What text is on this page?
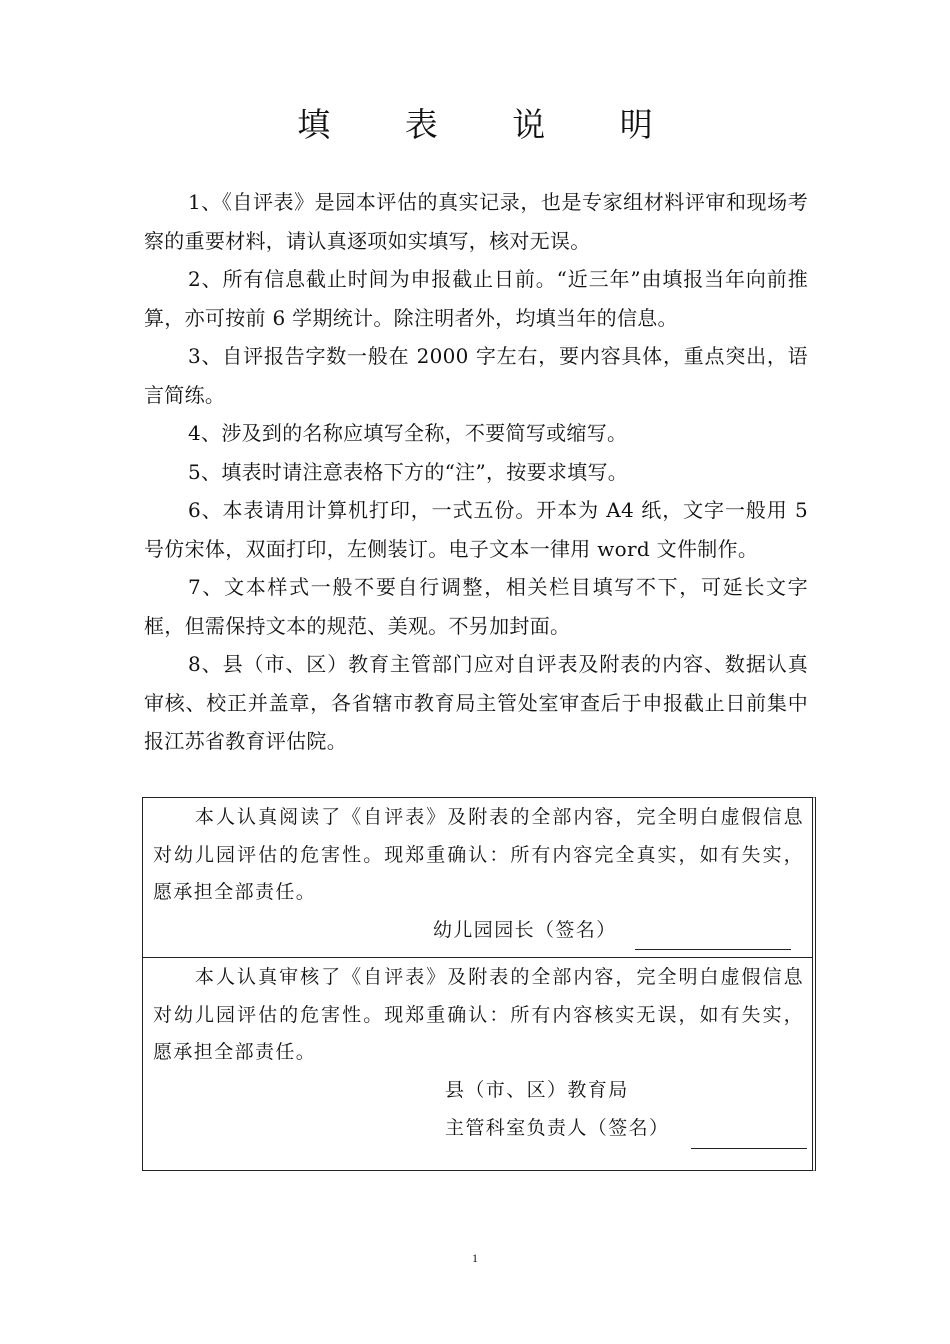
填 表 说 明

1、《自评表》是园本评估的真实记录，也是专家组材料评审和现场考察的重要材料，请认真逐项如实填写，核对无误。

2、所有信息截止时间为申报截止日前。“近三年”由填报当年向前推算，亦可按前 6 学期统计。除注明者外，均填当年的信息。

3、自评报告字数一般在 2000 字左右，要内容具体，重点突出，语言简练。

4、涉及到的名称应填写全称，不要简写或缩写。

5、填表时请注意表格下方的“注”，按要求填写。

6、本表请用计算机打印，一式五份。开本为 A4 纸，文字一般用 5 号仿宋体，双面打印，左侧装订。电子文本一律用 word 文件制作。

7、文本样式一般不要自行调整，相关栏目填写不下，可延长文字框，但需保持文本的规范、美观。不另加封面。

8、县（市、区）教育主管部门应对自评表及附表的内容、数据认真审核、校正并盖章，各省辖市教育局主管处室审查后于申报截止日前集中报江苏省教育评估院。

本人认真阅读了《自评表》及附表的全部内容，完全明白虚假信息对幼儿园评估的危害性。现郑重确认：所有内容完全真实，如有失实，愿承担全部责任。

幼儿园园长（签名）

本人认真审核了《自评表》及附表的全部内容，完全明白虚假信息对幼儿园评估的危害性。现郑重确认：所有内容核实无误，如有失实，愿承担全部责任。

县（市、区）教育局
主管科室负责人（签名）
1
